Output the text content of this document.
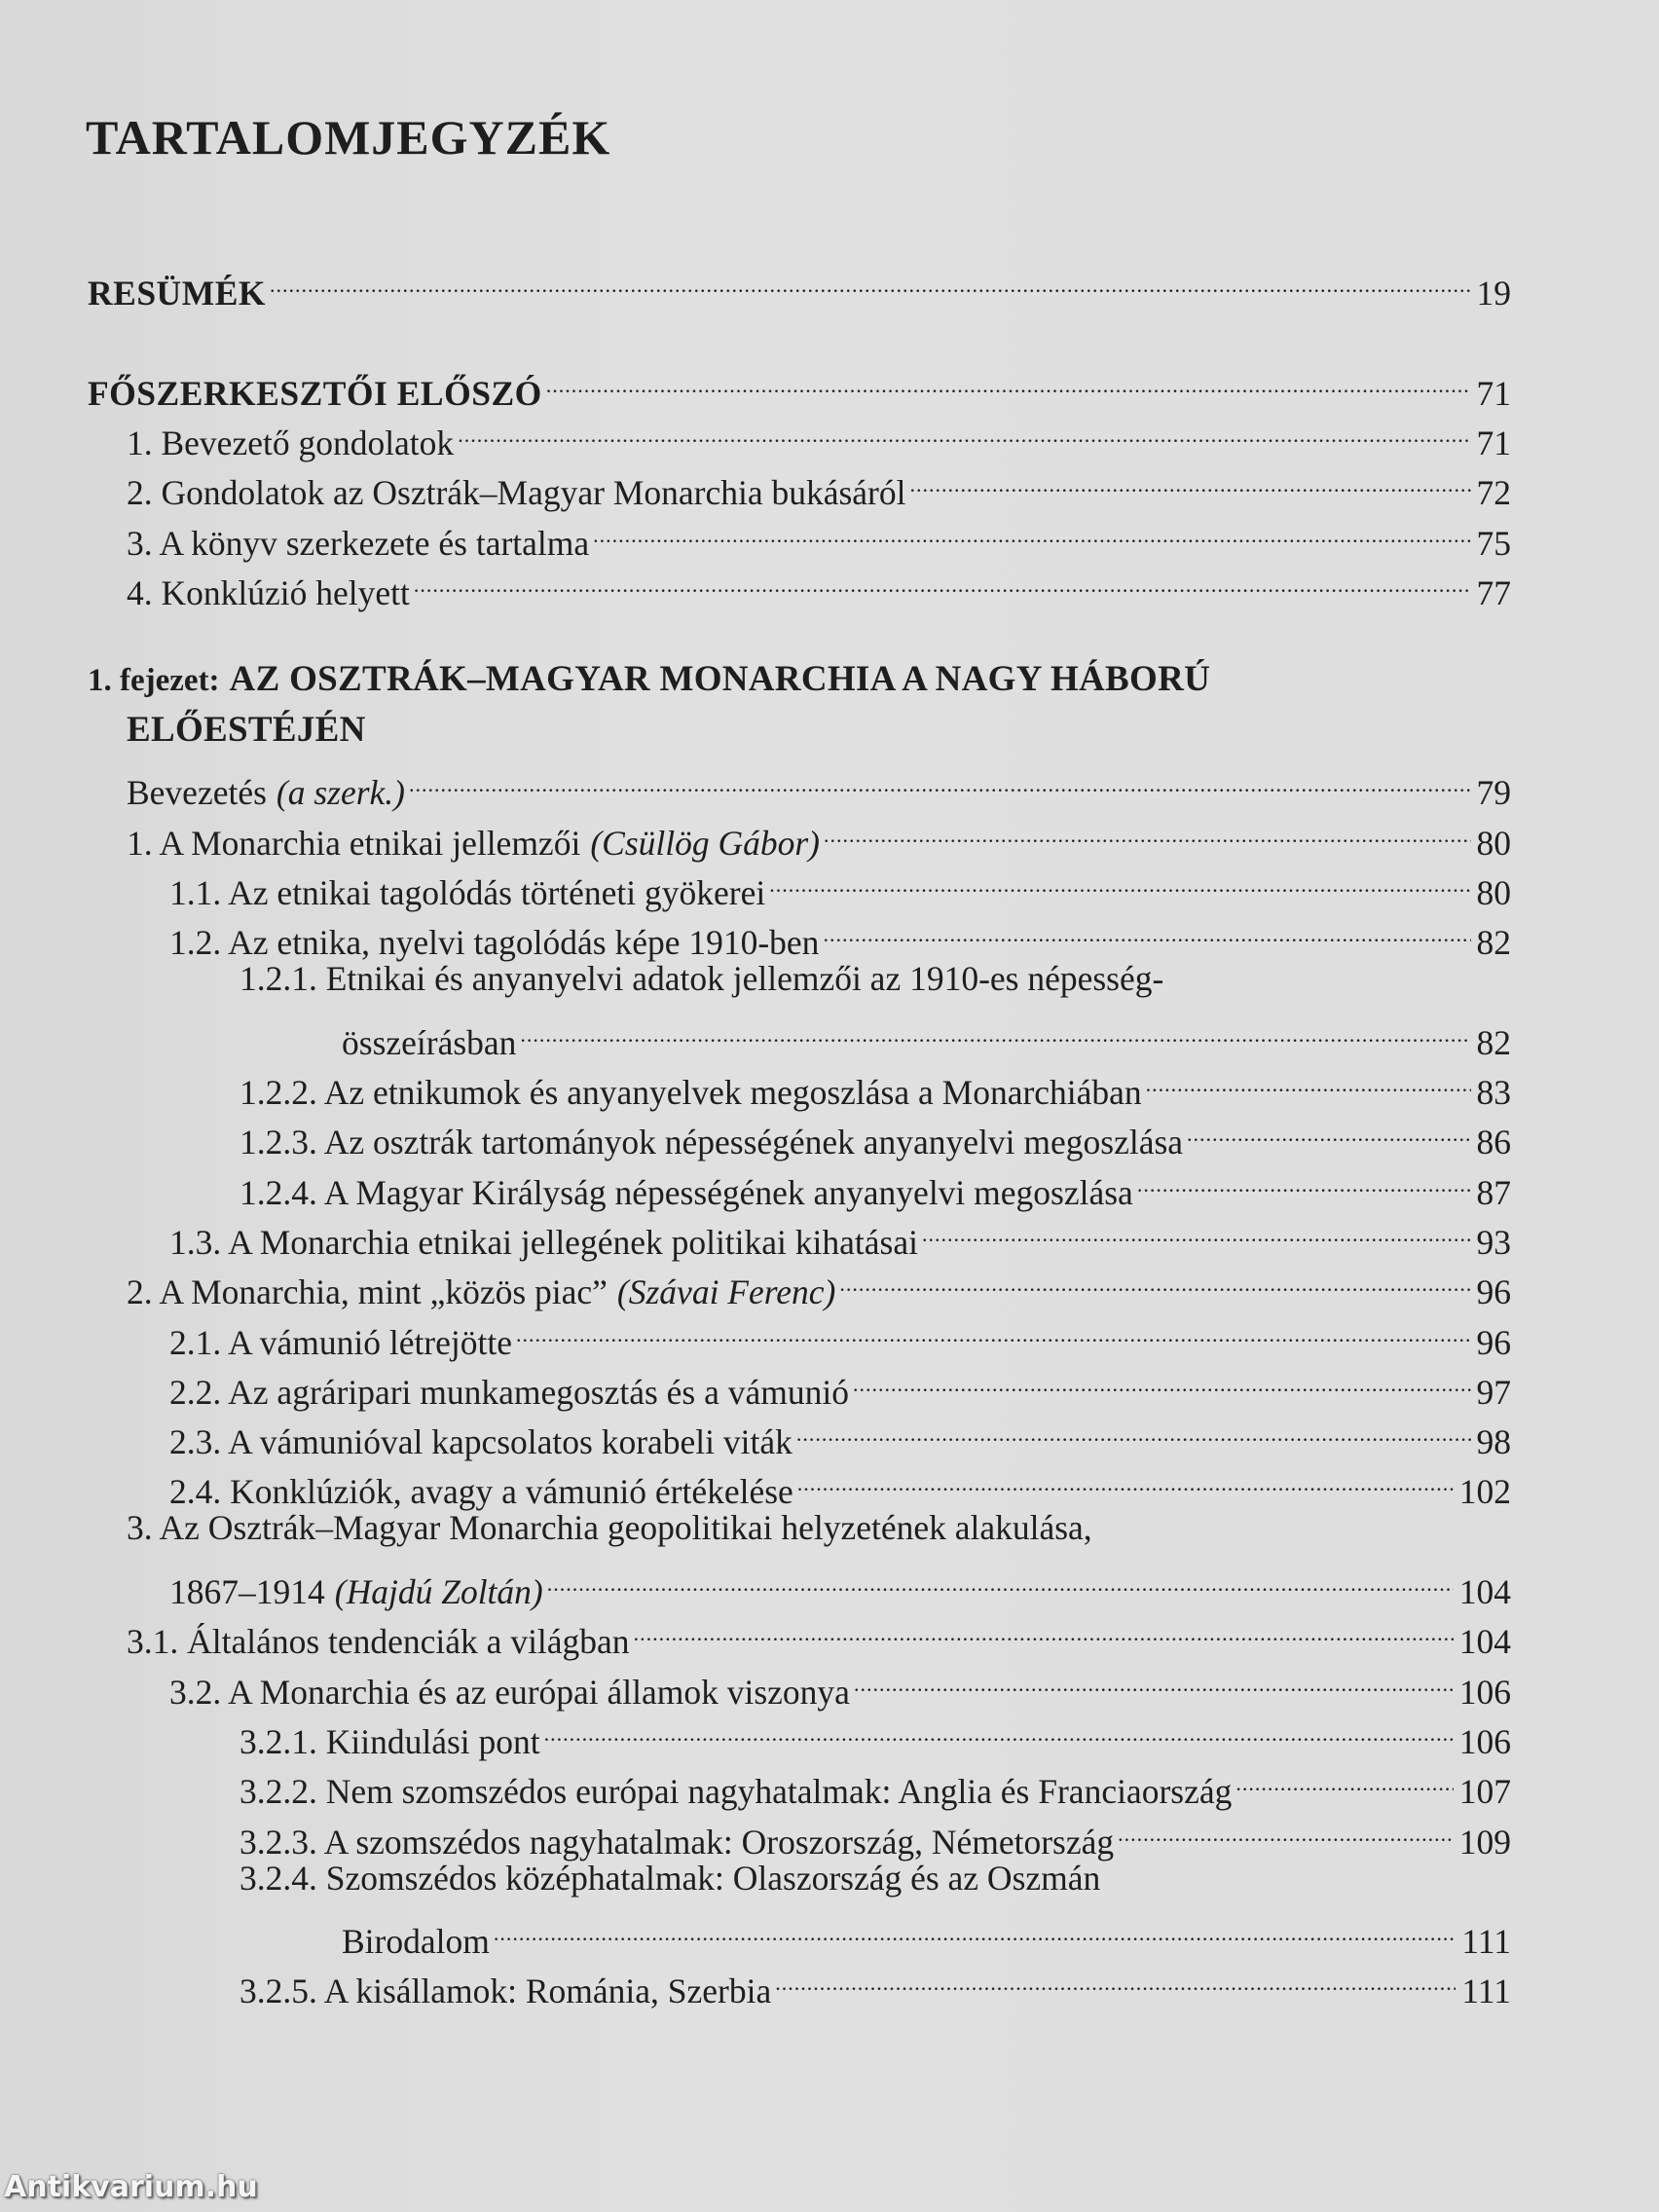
TARTALOMJEGYZÉK
RESÜMÉK .....	19
FŐSZERKESZTŐI ELŐSZÓ .....	71
1. Bevezető gondolatok .....	71
2. Gondolatok az Osztrák–Magyar Monarchia bukásáról .....	72
3. A könyv szerkezete és tartalma .....	75
4. Konklúzió helyett .....	77
1. fejezet: AZ OSZTRÁK–MAGYAR MONARCHIA A NAGY HÁBORÚ
ELŐESTÉJÉN
Bevezetés (a szerk.) .....	79
1. A Monarchia etnikai jellemzői (Csüllög Gábor) .....	80
1.1. Az etnikai tagolódás történeti gyökerei .....	80
1.2. Az etnika, nyelvi tagolódás képe 1910-ben .....	82
1.2.1. Etnikai és anyanyelvi adatok jellemzői az 1910-es népesség-
összeírásban .....	82
1.2.2. Az etnikumok és anyanyelvek megoszlása a Monarchiában .....	83
1.2.3. Az osztrák tartományok népességének anyanyelvi megoszlása .....	86
1.2.4. A Magyar Királyság népességének anyanyelvi megoszlása .....	87
1.3. A Monarchia etnikai jellegének politikai kihatásai .....	93
2. A Monarchia, mint „közös piac” (Szávai Ferenc) .....	96
2.1. A vámunió létrejötte .....	96
2.2. Az agráripari munkamegosztás és a vámunió .....	97
2.3. A vámunióval kapcsolatos korabeli viták .....	98
2.4. Konklúziók, avagy a vámunió értékelése .....	102
3. Az Osztrák–Magyar Monarchia geopolitikai helyzetének alakulása,
1867–1914 (Hajdú Zoltán) .....	104
3.1. Általános tendenciák a világban .....	104
3.2. A Monarchia és az európai államok viszonya .....	106
3.2.1. Kiindulási pont .....	106
3.2.2. Nem szomszédos európai nagyhatalmak: Anglia és Franciaország .....	107
3.2.3. A szomszédos nagyhatalmak: Oroszország, Németország .....	109
3.2.4. Szomszédos középhatalmak: Olaszország és az Oszmán
Birodalom .....	111
3.2.5. A kisállamok: Románia, Szerbia .....	111
Antikvarium.hu
